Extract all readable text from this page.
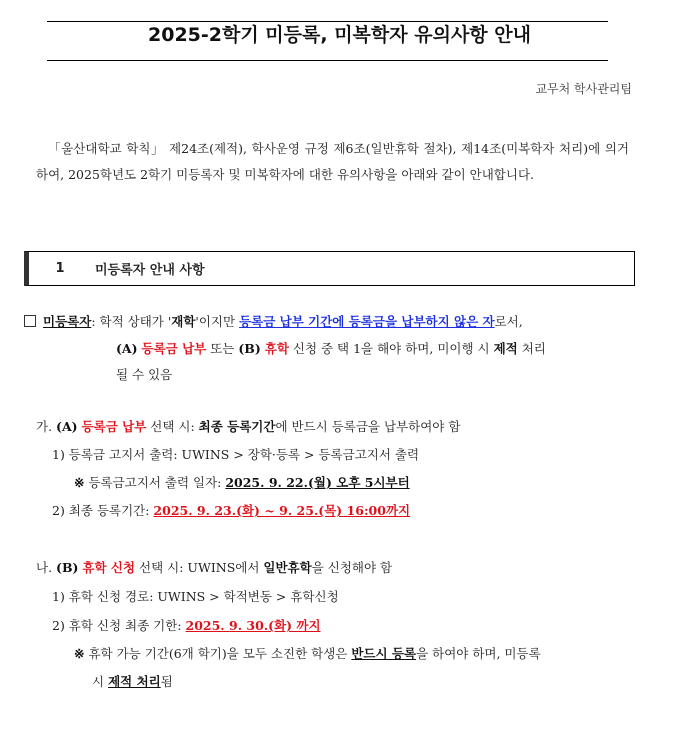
2025-2학기 미등록, 미복학자 유의사항 안내
교무처 학사관리팀
「울산대학교 학칙」 제24조(제적), 학사운영 규정 제6조(일반휴학 절차), 제14조(미복학자 처리)에 의거하여, 2025학년도 2학기 미등록자 및 미복학자에 대한 유의사항을 아래와 같이 안내합니다.
1	미등록자 안내 사항
미등록자: 학적 상태가 '재학'이지만 등록금 납부 기간에 등록금을 납부하지 않은 자로서,
(A) 등록금 납부 또는 (B) 휴학 신청 중 택 1을 해야 하며, 미이행 시 제적 처리
될 수 있음
가. (A) 등록금 납부 선택 시: 최종 등록기간에 반드시 등록금을 납부하여야 함
1) 등록금 고지서 출력: UWINS > 장학·등록 > 등록금고지서 출력
※ 등록금고지서 출력 일자: 2025. 9. 22.(월) 오후 5시부터
2) 최종 등록기간: 2025. 9. 23.(화) ~ 9. 25.(목) 16:00까지
나. (B) 휴학 신청 선택 시: UWINS에서 일반휴학을 신청해야 함
1) 휴학 신청 경로: UWINS > 학적변동 > 휴학신청
2) 휴학 신청 최종 기한: 2025. 9. 30.(화) 까지
※ 휴학 가능 기간(6개 학기)을 모두 소진한 학생은 반드시 등록을 하여야 하며, 미등록
시 제적 처리됨
